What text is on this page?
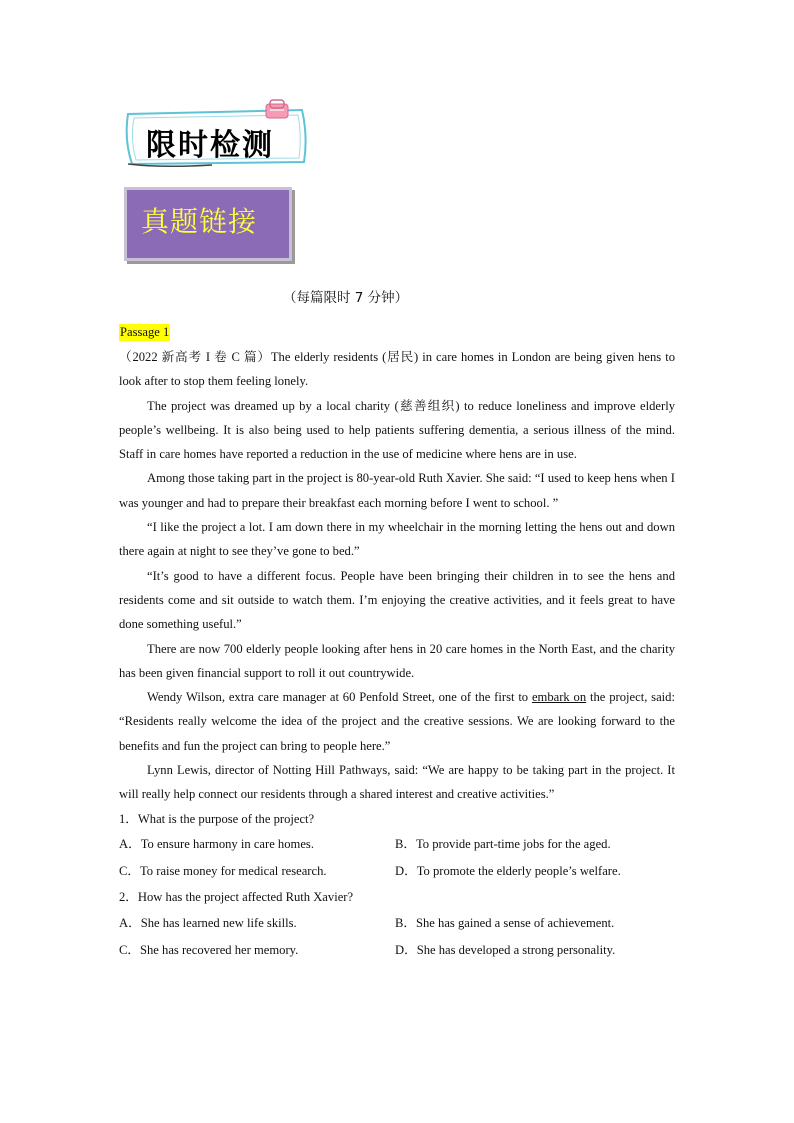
限时检测
真题链接
（每篇限时 7 分钟）
Passage 1

（2022 新高考 I 卷 C 篇）The elderly residents (居民) in care homes in London are being given hens to look after to stop them feeling lonely.

The project was dreamed up by a local charity (慈善组织) to reduce loneliness and improve elderly people’s wellbeing. It is also being used to help patients suffering dementia, a serious illness of the mind. Staff in care homes have reported a reduction in the use of medicine where hens are in use.

Among those taking part in the project is 80-year-old Ruth Xavier. She said: “I used to keep hens when I was younger and had to prepare their breakfast each morning before I went to school. ”

“I like the project a lot. I am down there in my wheelchair in the morning letting the hens out and down there again at night to see they’ve gone to bed.”

“It’s good to have a different focus. People have been bringing their children in to see the hens and residents come and sit outside to watch them. I’m enjoying the creative activities, and it feels great to have done something useful.”

There are now 700 elderly people looking after hens in 20 care homes in the North East, and the charity has been given financial support to roll it out countrywide.

Wendy Wilson, extra care manager at 60 Penfold Street, one of the first to embark on the project, said: “Residents really welcome the idea of the project and the creative sessions. We are looking forward to the benefits and fun the project can bring to people here.”

Lynn Lewis, director of Notting Hill Pathways, said: “We are happy to be taking part in the project. It will really help connect our residents through a shared interest and creative activities.”

1．What is the purpose of the project?

A．To ensure harmony in care homes.	B．To provide part-time jobs for the aged.
C．To raise money for medical research.	D．To promote the elderly people’s welfare.

2．How has the project affected Ruth Xavier?

A．She has learned new life skills.	B．She has gained a sense of achievement.
C．She has recovered her memory.	D．She has developed a strong personality.
